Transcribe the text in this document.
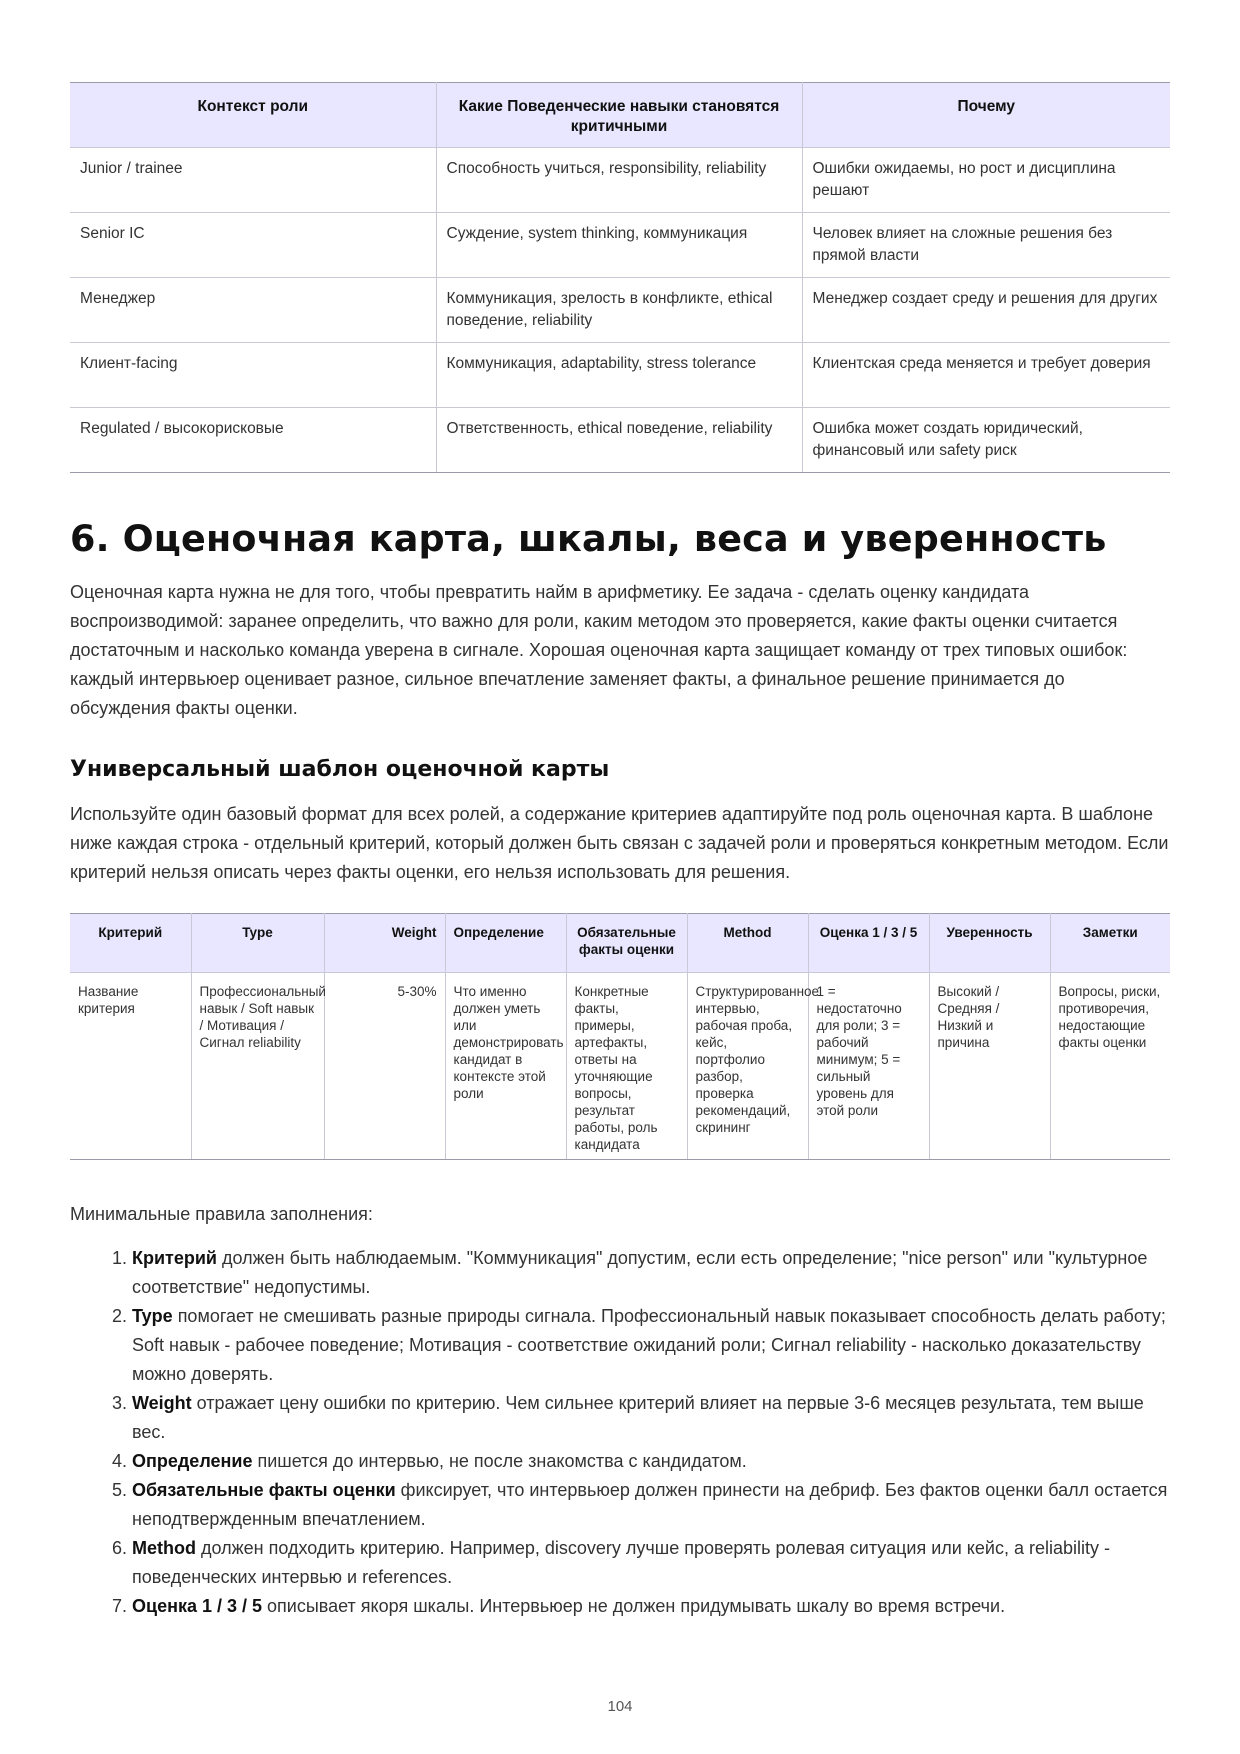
Контекст роли	Какие Поведенческие навыки становятся критичными	Почему
Junior / trainee	Способность учиться, responsibility, reliability	Ошибки ожидаемы, но рост и дисциплина решают
Senior IC	Суждение, system thinking, коммуникация	Человек влияет на сложные решения без прямой власти
Менеджер	Коммуникация, зрелость в конфликте, ethical поведение, reliability	Менеджер создает среду и решения для других
Клиент-facing	Коммуникация, adaptability, stress tolerance	Клиентская среда меняется и требует доверия
Regulated / высокорисковые	Ответственность, ethical поведение, reliability	Ошибка может создать юридический, финансовый или safety риск
6. Оценочная карта, шкалы, веса и уверенность

Оценочная карта нужна не для того, чтобы превратить найм в арифметику. Ее задача - сделать оценку кандидата воспроизводимой: заранее определить, что важно для роли, каким методом это проверяется, какие факты оценки считается достаточным и насколько команда уверена в сигнале. Хорошая оценочная карта защищает команду от трех типовых ошибок: каждый интервьюер оценивает разное, сильное впечатление заменяет факты, а финальное решение принимается до обсуждения факты оценки.

Универсальный шаблон оценочной карты

Используйте один базовый формат для всех ролей, а содержание критериев адаптируйте под роль оценочная карта. В шаблоне ниже каждая строка - отдельный критерий, который должен быть связан с задачей роли и проверяться конкретным методом. Если критерий нельзя описать через факты оценки, его нельзя использовать для решения.

Критерий	Type	Weight	Определение	Обязательные факты оценки	Method	Оценка 1 / 3 / 5	Уверенность	Заметки
Название критерия	Профессиональный навык / Soft навык / Мотивация / Сигнал reliability	5-30%	Что именно должен уметь или демонстрировать кандидат в контексте этой роли	Конкретные факты, примеры, артефакты, ответы на уточняющие вопросы, результат работы, роль кандидата	Структурированное интервью, рабочая проба, кейс, портфолио разбор, проверка рекомендаций, скрининг	1 = недостаточно для роли; 3 = рабочий минимум; 5 = сильный уровень для этой роли	Высокий / Средняя / Низкий и причина	Вопросы, риски, противоречия, недостающие факты оценки

Минимальные правила заполнения:

1. Критерий должен быть наблюдаемым. "Коммуникация" допустим, если есть определение; "nice person" или "культурное соответствие" недопустимы.
2. Type помогает не смешивать разные природы сигнала. Профессиональный навык показывает способность делать работу; Soft навык - рабочее поведение; Мотивация - соответствие ожиданий роли; Сигнал reliability - насколько доказательству можно доверять.
3. Weight отражает цену ошибки по критерию. Чем сильнее критерий влияет на первые 3-6 месяцев результата, тем выше вес.
4. Определение пишется до интервью, не после знакомства с кандидатом.
5. Обязательные факты оценки фиксирует, что интервьюер должен принести на дебриф. Без фактов оценки балл остается неподтвержденным впечатлением.
6. Method должен подходить критерию. Например, discovery лучше проверять ролевая ситуация или кейс, а reliability - поведенческих интервью и references.
7. Оценка 1 / 3 / 5 описывает якоря шкалы. Интервьюер не должен придумывать шкалу во время встречи.
104
